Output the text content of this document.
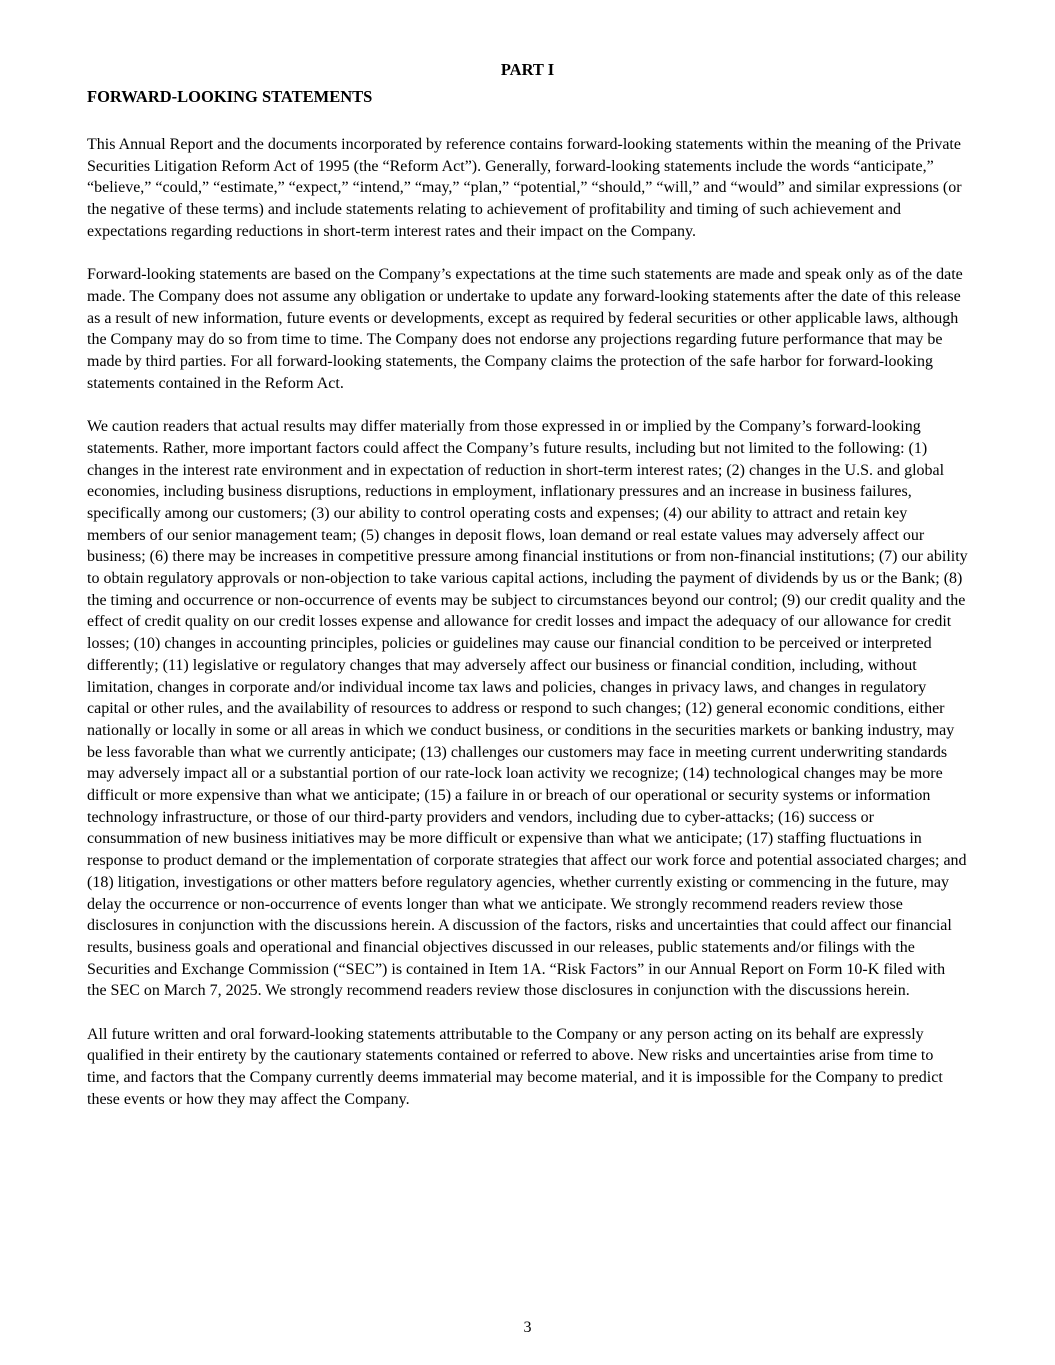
PART I
FORWARD-LOOKING STATEMENTS

This Annual Report and the documents incorporated by reference contains forward-looking statements within the meaning of the Private Securities Litigation Reform Act of 1995 (the “Reform Act”). Generally, forward-looking statements include the words “anticipate,” “believe,” “could,” “estimate,” “expect,” “intend,” “may,” “plan,” “potential,” “should,” “will,” and “would” and similar expressions (or the negative of these terms) and include statements relating to achievement of profitability and timing of such achievement and expectations regarding reductions in short-term interest rates and their impact on the Company.

Forward-looking statements are based on the Company’s expectations at the time such statements are made and speak only as of the date made. The Company does not assume any obligation or undertake to update any forward-looking statements after the date of this release as a result of new information, future events or developments, except as required by federal securities or other applicable laws, although the Company may do so from time to time. The Company does not endorse any projections regarding future performance that may be made by third parties. For all forward-looking statements, the Company claims the protection of the safe harbor for forward-looking statements contained in the Reform Act.

We caution readers that actual results may differ materially from those expressed in or implied by the Company’s forward-looking statements. Rather, more important factors could affect the Company’s future results, including but not limited to the following: (1) changes in the interest rate environment and in expectation of reduction in short-term interest rates; (2) changes in the U.S. and global economies, including business disruptions, reductions in employment, inflationary pressures and an increase in business failures, specifically among our customers; (3) our ability to control operating costs and expenses; (4) our ability to attract and retain key members of our senior management team; (5) changes in deposit flows, loan demand or real estate values may adversely affect our business; (6) there may be increases in competitive pressure among financial institutions or from non-financial institutions; (7) our ability to obtain regulatory approvals or non-objection to take various capital actions, including the payment of dividends by us or the Bank; (8) the timing and occurrence or non-occurrence of events may be subject to circumstances beyond our control; (9) our credit quality and the effect of credit quality on our credit losses expense and allowance for credit losses and impact the adequacy of our allowance for credit losses; (10) changes in accounting principles, policies or guidelines may cause our financial condition to be perceived or interpreted differently; (11) legislative or regulatory changes that may adversely affect our business or financial condition, including, without limitation, changes in corporate and/or individual income tax laws and policies, changes in privacy laws, and changes in regulatory capital or other rules, and the availability of resources to address or respond to such changes; (12) general economic conditions, either nationally or locally in some or all areas in which we conduct business, or conditions in the securities markets or banking industry, may be less favorable than what we currently anticipate; (13) challenges our customers may face in meeting current underwriting standards may adversely impact all or a substantial portion of our rate-lock loan activity we recognize; (14) technological changes may be more difficult or more expensive than what we anticipate; (15) a failure in or breach of our operational or security systems or information technology infrastructure, or those of our third-party providers and vendors, including due to cyber-attacks; (16) success or consummation of new business initiatives may be more difficult or expensive than what we anticipate; (17) staffing fluctuations in response to product demand or the implementation of corporate strategies that affect our work force and potential associated charges; and (18) litigation, investigations or other matters before regulatory agencies, whether currently existing or commencing in the future, may delay the occurrence or non-occurrence of events longer than what we anticipate. We strongly recommend readers review those disclosures in conjunction with the discussions herein. A discussion of the factors, risks and uncertainties that could affect our financial results, business goals and operational and financial objectives discussed in our releases, public statements and/or filings with the Securities and Exchange Commission (“SEC”) is contained in Item 1A. “Risk Factors” in our Annual Report on Form 10-K filed with the SEC on March 7, 2025. We strongly recommend readers review those disclosures in conjunction with the discussions herein.

All future written and oral forward-looking statements attributable to the Company or any person acting on its behalf are expressly qualified in their entirety by the cautionary statements contained or referred to above. New risks and uncertainties arise from time to time, and factors that the Company currently deems immaterial may become material, and it is impossible for the Company to predict these events or how they may affect the Company.

3
